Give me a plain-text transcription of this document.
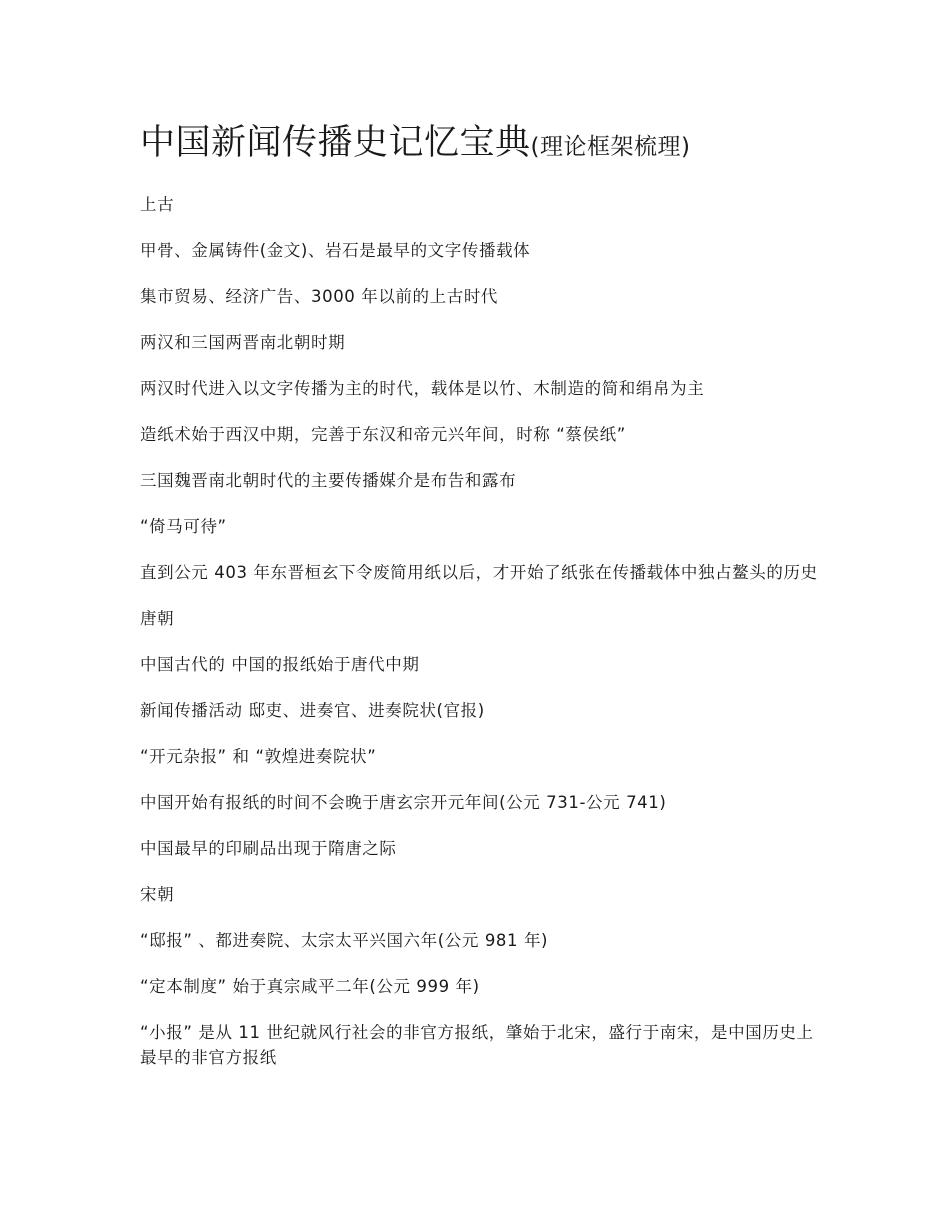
中国新闻传播史记忆宝典(理论框架梳理)

上古

甲骨、金属铸件(金文)、岩石是最早的文字传播载体

集市贸易、经济广告、3000 年以前的上古时代

两汉和三国两晋南北朝时期

两汉时代进入以文字传播为主的时代，载体是以竹、木制造的简和绢帛为主

造纸术始于西汉中期，完善于东汉和帝元兴年间，时称 “蔡侯纸”

三国魏晋南北朝时代的主要传播媒介是布告和露布

“倚马可待”

直到公元 403 年东晋桓玄下令废简用纸以后，才开始了纸张在传播载体中独占鳌头的历史

唐朝

中国古代的 中国的报纸始于唐代中期

新闻传播活动 邸吏、进奏官、进奏院状(官报)

“开元杂报” 和 “敦煌进奏院状”

中国开始有报纸的时间不会晚于唐玄宗开元年间(公元 731-公元 741)

中国最早的印刷品出现于隋唐之际

宋朝

“邸报” 、都进奏院、太宗太平兴国六年(公元 981 年)

“定本制度” 始于真宗咸平二年(公元 999 年)

“小报” 是从 11 世纪就风行社会的非官方报纸，肇始于北宋，盛行于南宋，是中国历史上最早的非官方报纸
